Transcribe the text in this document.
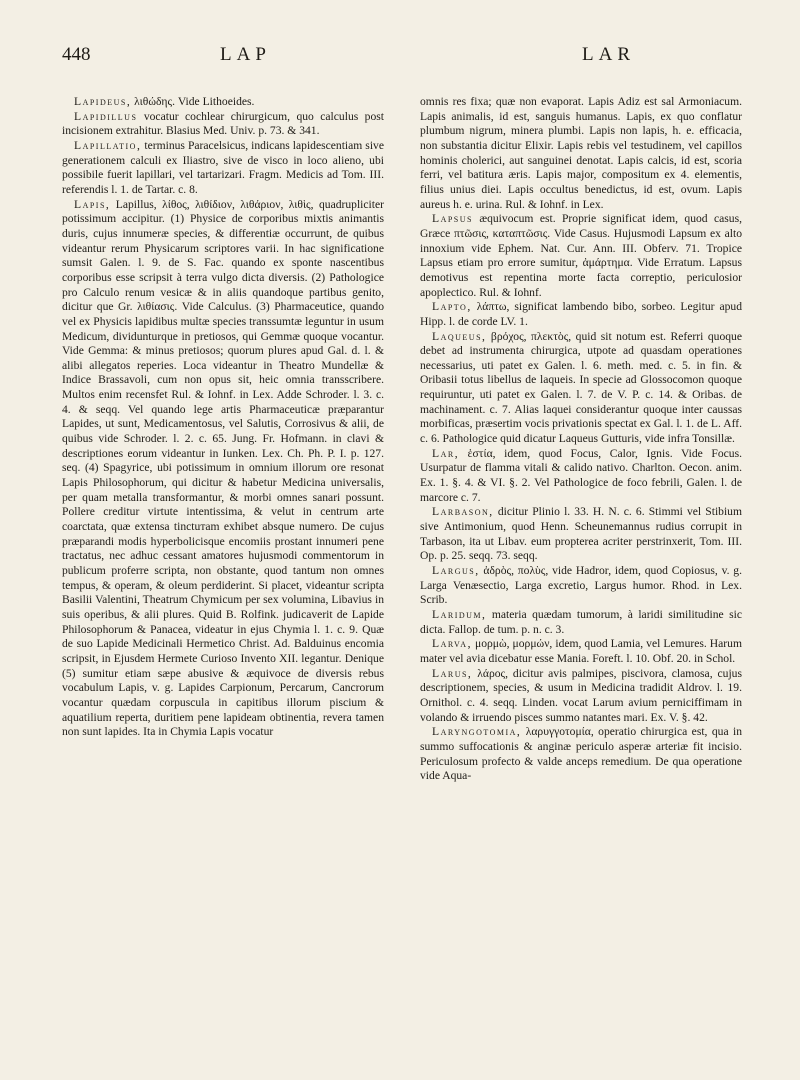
448	LAP	LAR

Lapideus, λιθώδης. Vide Lithoeides.

Lapidillus vocatur cochlear chirurgicum, quo calculus post incisionem extrahitur. Blasius Med. Univ. p. 73. & 341.

Lapillatio, terminus Paracelsicus, indicans lapidescentiam sive generationem calculi ex Iliastro, sive de viscο in loco alieno, ubi possibile fuerit lapillari, vel tartarizari. Fragm. Medicis ad Tom. III. referendis l. 1. de Tartar. c. 8.

Lapis, Lapillus, λίθος, λιθίδιον, λιθάριον, λιθὶς, quadrupliciter potissimum accipitur. (1) Physice de corporibus mixtis animantis duris, cujus innumeræ species, & differentiæ occurrunt, de quibus videantur rerum Physicarum scriptores varii. In hac significatione sumsit Galen. l. 9. de S. Fac. quando ex sponte nascentibus corporibus esse scripsit à terra vulgo dicta diversis. (2) Pathologice pro Calculo renum vesicæ & in aliis quandoque partibus genito, dicitur que Gr. λιθίασις. Vide Calculus. (3) Pharmaceutice, quando vel ex Physicis lapidibus multæ species transsumtæ leguntur in usum Medicum, dividunturque in pretiosos, qui Gemmæ quoque vocantur. Vide Gemma: & minus pretiosos; quorum plures apud Gal. d. l. & alibi allegatos reperies. Loca videantur in Theatro Mundellæ & Indice Brassavoli, cum non opus sit, heic omnia transscribere. Multos enim recensfet Rul. & Iohnf. in Lex. Adde Schroder. l. 3. c. 4. & seqq. Vel quando lege artis Pharmaceuticæ præparantur Lapides, ut sunt, Medicamentosus, vel Salutis, Corrosivus & alii, de quibus vide Schroder. l. 2. c. 65. Jung. Fr. Hofmann. in clavi & descriptiones eorum videantur in Iunken. Lex. Ch. Ph. P. I. p. 127. seq. (4) Spagyrice, ubi potissimum in omnium illorum ore resonat Lapis Philosophorum, qui dicitur & habetur Medicina universalis, per quam metalla transformantur, & morbi omnes sanari possunt. Pollere creditur virtute intentissima, & velut in centrum arte coarctata, quæ extensa tinctuтam exhibet absque numero. De cujus præparandi modis hyperbolicisque encomiis prostant innumeri pene tractatus, nec adhuc cessant amatores hujusmodi commentorum in publicum proferre scripta, non obstante, quod tantum non omnes tempus, & operam, & oleum perdiderint. Si placet, videantur scripta Basilii Valentini, Theatrum Chymicum per sex volumina, Libavius in suis operibus, & alii plures. Quid B. Rolfink. judicaverit de Lapide Philosophorum & Panacea, videatur in ejus Chymia l. 1. c. 9. Quæ de suo Lapide Medicinali Hermetico Christ. Ad. Balduinus encomia scripsit, in Ejusdem Hermete Curioso Invento XII. legantur. Denique (5) sumitur etiam sæpe abusive & æquivoce de diversis rebus vocabulum Lapis, v. g. Lapides Carpionum, Percarum, Cancrorum vocantur quædam corpuscula in capitibus illorum piscium & aquatilium reperta, duritiem pene lapideam obtinentia, revera tamen non sunt lapides. Ita in Chymia Lapis vocatur

omnis res fixa; quæ non evaporat. Lapis Adiz est sal Armoniacum. Lapis animalis, id est, sanguis humanus. Lapis, ex quo conflatur plumbum nigrum, minera plumbi. Lapis non lapis, h. e. efficacia, non substantia dicitur Elixir. Lapis rebis vel testudinem, vel capillos hominis cholerici, aut sanguinei denotat. Lapis calcis, id est, scoria ferri, vel batitura æris. Lapis major, compositum ex 4. elementis, filius unius diei. Lapis occultus benedictus, id est, ovum. Lapis aureus h. e. urina. Rul. & Iohnf. in Lex.

Lapsus æquivocum est. Proprie significat idem, quod casus, Græce πτῶσις, καταπτῶσις. Vide Casus. Hujusmodi Lapsum ex alto innoxium vide Ephem. Nat. Cur. Ann. III. Obferv. 71. Tropice Lapsus etiam pro errore sumitur, ἁμάρτημα. Vide Erratum. Lapsus demotivus est repentina morte facta correptio, periculosior apoplectico. Rul. & Iohnf.

Lapto, λάπτω, significat lambendo bibo, sorbeo. Legitur apud Hipp. l. de corde LV. 1.

Laqueus, βρόχος, πλεκτὸς, quid sit notum est. Referri quoque debet ad instrumenta chirurgica, utpote ad quasdam operationes necessarius, uti patet ex Galen. l. 6. meth. med. c. 5. in fin. & Oribasii totus libellus de laqueis. In specie ad Glossocomon quoque requiruntur, uti patet ex Galen. l. 7. de V. P. c. 14. & Oribas. de machinament. c. 7. Alias laquei considerantur quoque inter caussas morbificas, præsertim vocis privationis spectat ex Gal. l. 1. de L. Aff. c. 6. Pathologice quid dicatur Laqueus Gutturis, vide infra Tonsillæ.

Lar, ἑστία, idem, quod Focus, Calor, Ignis. Vide Focus. Usurpatur de flamma vitali & calido nativo. Charlton. Oecon. anim. Ex. 1. §. 4. & VI. §. 2. Vel Pathologice de foco febrili, Galen. l. de marcore c. 7.

Larbason, dicitur Plinio l. 33. H. N. c. 6. Stimmi vel Stibium sive Antimonium, quod Henn. Scheunemannus rudius corrupit in Tarbason, ita ut Libav. eum propterea acriter perstrinxerit, Tom. III. Op. p. 25. seqq. 73. seqq.

Largus, ἁδρὸς, πολὺς, vide Hadror, idem, quod Copiosus, v. g. Larga Venæsectio, Larga excretio, Largus humor. Rhod. in Lex. Scrib.

Laridum, materia quædam tumorum, à laridi similitudine sic dicta. Fallop. de tum. p. n. c. 3.

Larva, μορμὼ, μορμών, idem, quod Lamia, vel Lemures. Harum mater vel avia dicebatur esse Mania. Foreft. l. 10. Obf. 20. in Schol.

Larus, λάρος, dicitur avis palmipes, piscivora, clamosa, cujus descriptionem, species, & usum in Medicina tradidit Aldrov. l. 19. Ornithol. c. 4. seqq. Linden. vocat Larum avium perniciffimam in volando & irruendo pisces summo natantes mari. Ex. V. §. 42.

Laryngotomia, λαρυγγοτομία, operatio chirurgica est, qua in summo suffocationis & anginæ periculo asperæ arteriæ fit incisio. Periculosum profecto & valde anceps remedium. De qua operatione vide Aqua-
